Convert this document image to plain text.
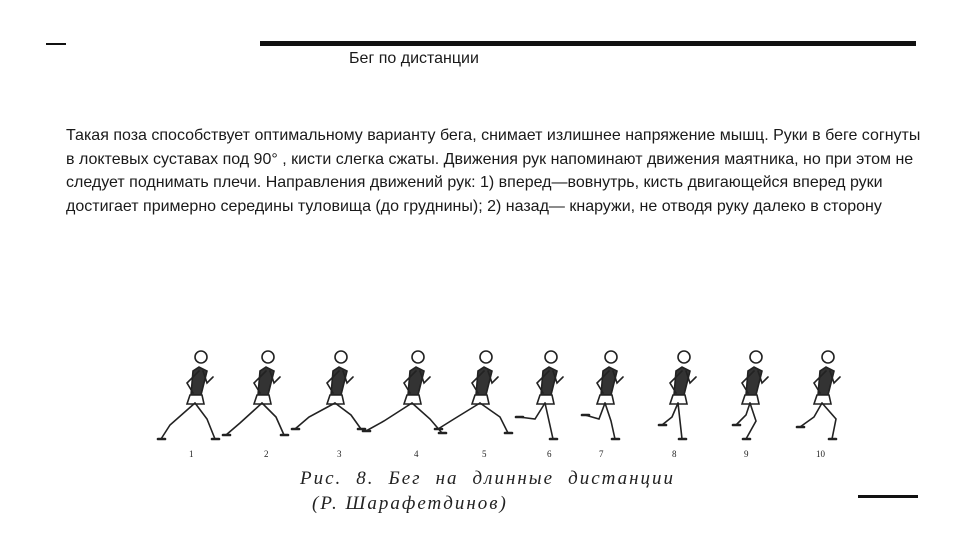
Бег по дистанции
Такая поза способствует оптимальному варианту бега, снимает излишнее напряжение мышц. Руки в беге согнуты в локтевых суставах под 90° , кисти слегка сжаты. Движения рук напоминают движения маятника, но при этом не следует поднимать плечи. Направления движений рук: 1) вперед—вовнутрь, кисть двигающейся вперед руки достигает примерно середины туловища (до груднины); 2) назад— кнаружи, не отводя руку далеко в сторону
1	2	3	4	5	6	7	8	9	10
Рис. 8. Бег на длинные дистанции
(Р. Шарафетдинов)
